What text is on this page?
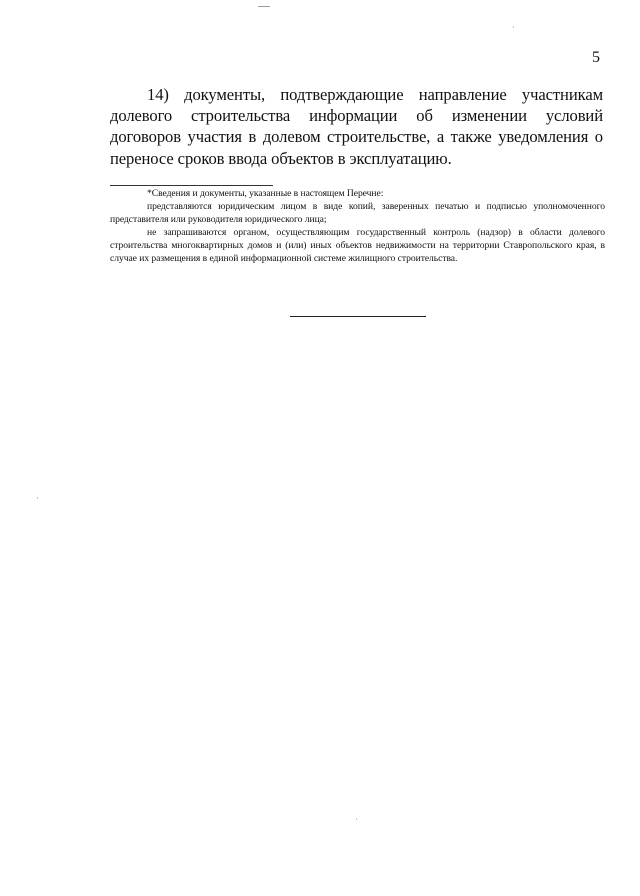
5

14) документы, подтверждающие направление участникам долевого строительства информации об изменении условий договоров участия в долевом строительстве, а также уведомления о переносе сроков ввода объектов в эксплуатацию.

*Сведения и документы, указанные в настоящем Перечне:

представляются юридическим лицом в виде копий, заверенных печатью и подписью уполномоченного представителя или руководителя юридического лица;

не запрашиваются органом, осуществляющим государственный контроль (надзор) в области долевого строительства многоквартирных домов и (или) иных объектов недвижимости на территории Ставропольского края, в случае их размещения в единой информационной системе жилищного строительства.
